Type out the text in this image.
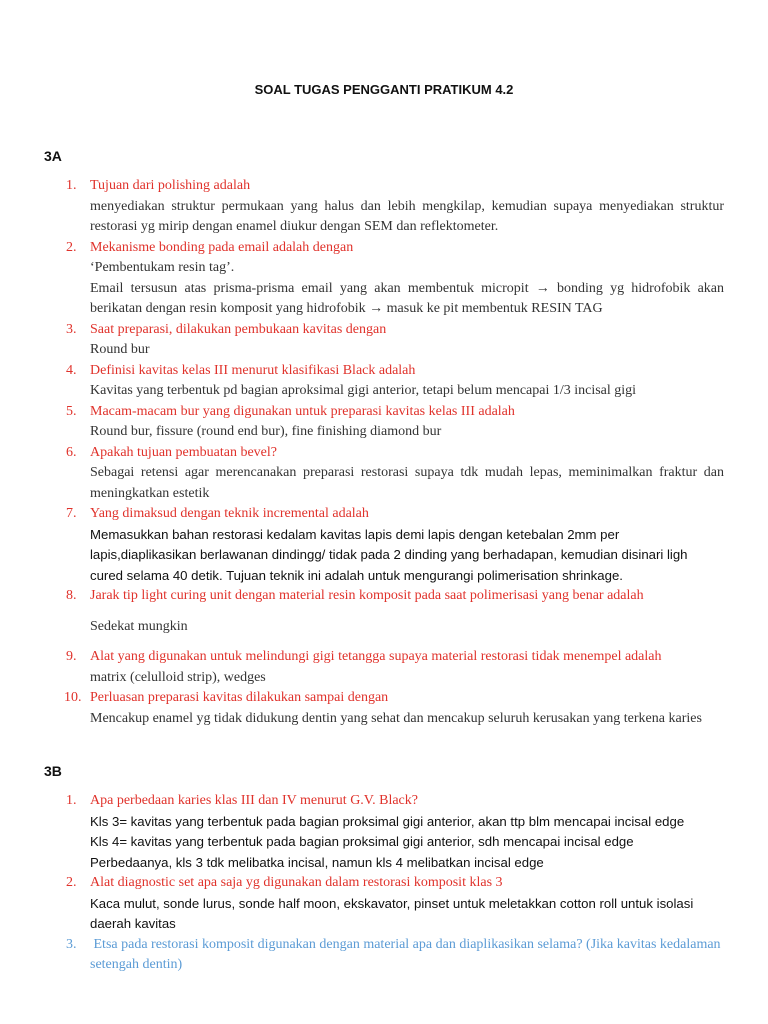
SOAL TUGAS PENGGANTI PRATIKUM 4.2
3A
1. Tujuan dari polishing adalah
menyediakan struktur permukaan yang halus dan lebih mengkilap, kemudian supaya menyediakan struktur restorasi yg mirip dengan enamel diukur dengan SEM dan reflektometer.
2. Mekanisme bonding pada email adalah dengan
‘Pembentukam resin tag’.
Email tersusun atas prisma-prisma email yang akan membentuk micropit → bonding yg hidrofobik akan berikatan dengan resin komposit yang hidrofobik → masuk ke pit membentuk RESIN TAG
3. Saat preparasi, dilakukan pembukaan kavitas dengan
Round bur
4. Definisi kavitas kelas III menurut klasifikasi Black adalah
Kavitas yang terbentuk pd bagian aproksimal gigi anterior, tetapi belum mencapai 1/3 incisal gigi
5. Macam-macam bur yang digunakan untuk preparasi kavitas kelas III adalah
Round bur, fissure (round end bur), fine finishing diamond bur
6. Apakah tujuan pembuatan bevel?
Sebagai retensi agar merencanakan preparasi restorasi supaya tdk mudah lepas, meminimalkan fraktur dan meningkatkan estetik
7. Yang dimaksud dengan teknik incremental adalah
Memasukkan bahan restorasi kedalam kavitas lapis demi lapis dengan ketebalan 2mm per lapis,diaplikasikan berlawanan dindingg/ tidak pada 2 dinding yang berhadapan, kemudian disinari ligh cured selama 40 detik. Tujuan teknik ini adalah untuk mengurangi polimerisation shrinkage.
8. Jarak tip light curing unit dengan material resin komposit pada saat polimerisasi yang benar adalah
Sedekat mungkin
9. Alat yang digunakan untuk melindungi gigi tetangga supaya material restorasi tidak menempel adalah
matrix (celulloid strip), wedges
10. Perluasan preparasi kavitas dilakukan sampai dengan
Mencakup enamel yg tidak didukung dentin yang sehat dan mencakup seluruh kerusakan yang terkena karies
3B
1. Apa perbedaan karies klas III dan IV menurut G.V. Black?
Kls 3= kavitas yang terbentuk pada bagian proksimal gigi anterior, akan ttp blm mencapai incisal edge
Kls 4= kavitas yang terbentuk pada bagian proksimal gigi anterior, sdh mencapai incisal edge
Perbedaanya, kls 3 tdk melibatka incisal, namun kls 4 melibatkan incisal edge
2. Alat diagnostic set apa saja yg digunakan dalam restorasi komposit klas 3
Kaca mulut, sonde lurus, sonde half moon, ekskavator, pinset untuk meletakkan cotton roll untuk isolasi daerah kavitas
3. Etsa pada restorasi komposit digunakan dengan material apa dan diaplikasikan selama? (Jika kavitas kedalaman setengah dentin)
